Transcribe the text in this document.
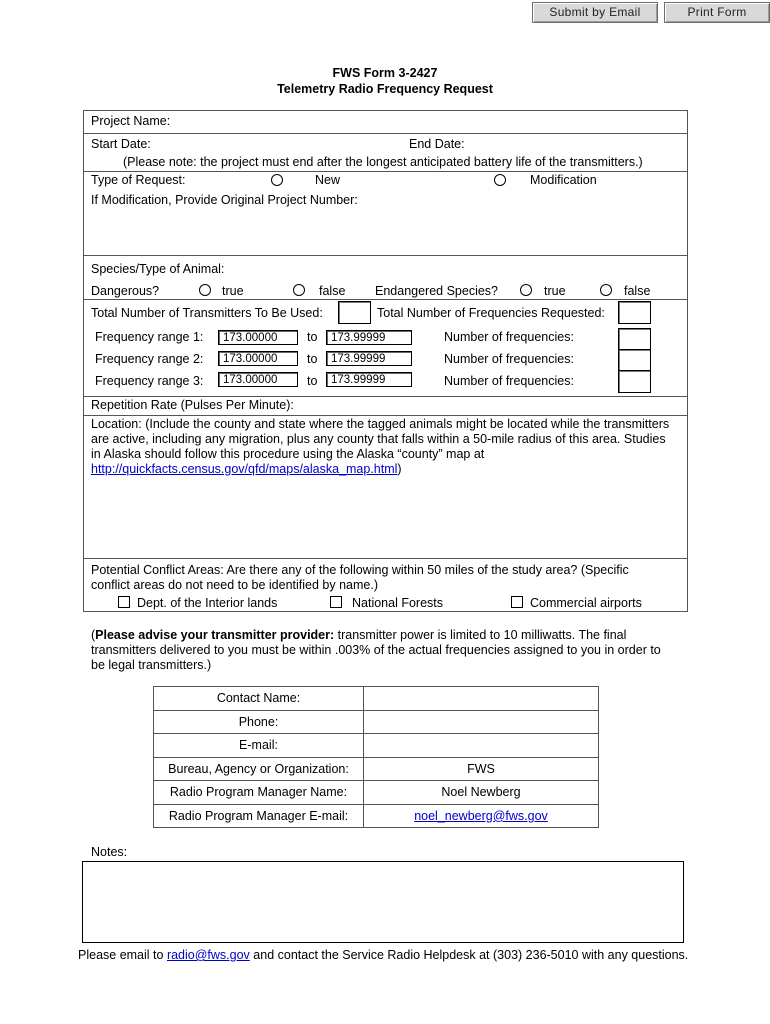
Submit by Email	Print Form
FWS Form 3-2427
Telemetry Radio Frequency Request
Project Name:
Start Date:	End Date:
(Please note: the project must end after the longest anticipated battery life of the transmitters.)
Type of Request:	New	Modification
If Modification, Provide Original Project Number:
Species/Type of Animal:
Dangerous?	true	false Endangered Species?	true	false
Total Number of Transmitters To Be Used:	Total Number of Frequencies Requested:
Frequency range 1:	173.00000	to	173.99999	Number of frequencies:
Frequency range 2:	173.00000	to	173.99999	Number of frequencies:
Frequency range 3:	173.00000	to	173.99999	Number of frequencies:
Repetition Rate (Pulses Per Minute):
Location: (Include the county and state where the tagged animals might be located while the transmitters
are active, including any migration, plus any county that falls within a 50-mile radius of this area. Studies
in Alaska should follow this procedure using the Alaska “county” map at
http://quickfacts.census.gov/qfd/maps/alaska_map.html)
Potential Conflict Areas: Are there any of the following within 50 miles of the study area? (Specific
conflict areas do not need to be identified by name.)
Dept. of the Interior lands	National Forests	Commercial airports
(Please advise your transmitter provider: transmitter power is limited to 10 milliwatts. The final
transmitters delivered to you must be within .003% of the actual frequencies assigned to you in order to
be legal transmitters.)
Contact Name:	
Phone:	
E-mail:	
Bureau, Agency or Organization:	FWS
Radio Program Manager Name:	Noel Newberg
Radio Program Manager E-mail:	noel_newberg@fws.gov
Notes:
Please email to radio@fws.gov and contact the Service Radio Helpdesk at (303) 236-5010 with any questions.
